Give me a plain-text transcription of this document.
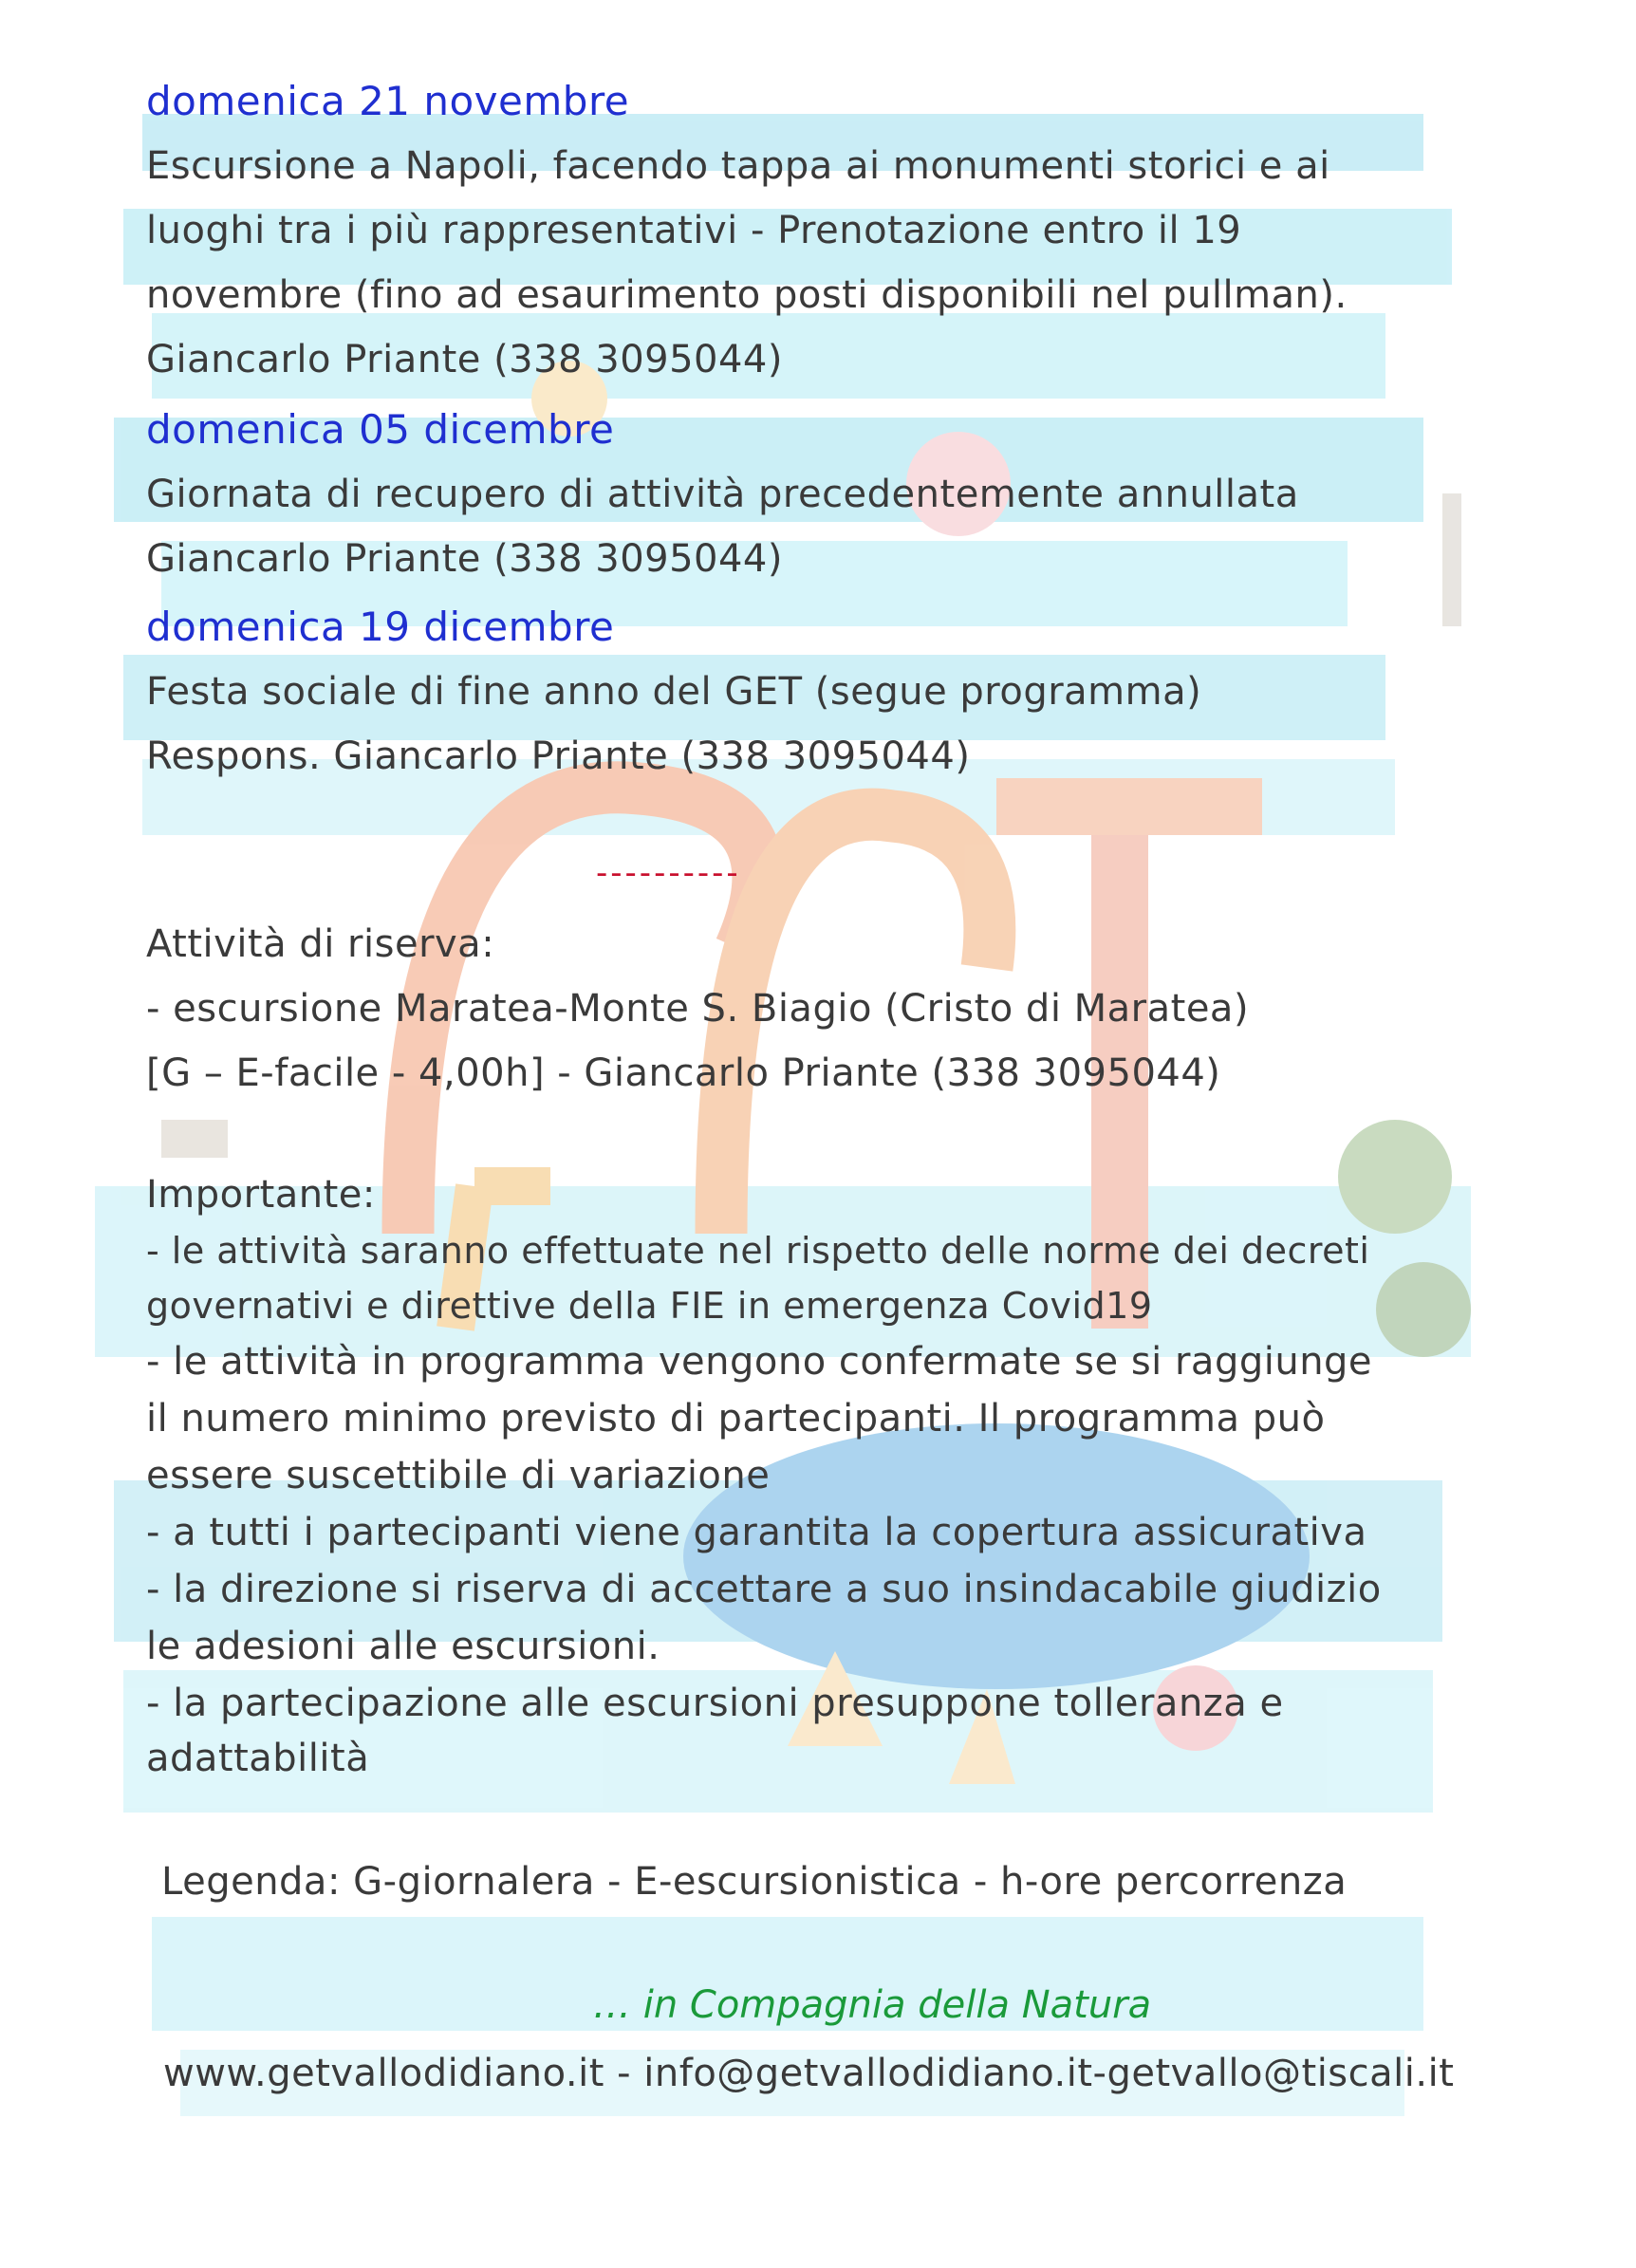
domenica 21 novembre
Escursione a Napoli, facendo tappa ai monumenti storici e ai
luoghi tra i più rappresentativi - Prenotazione entro il 19
novembre (fino ad esaurimento posti disponibili nel pullman).
Giancarlo Priante (338 3095044)
domenica 05 dicembre
Giornata di recupero di attività precedentemente annullata
Giancarlo Priante (338 3095044)
domenica 19 dicembre
Festa sociale di fine anno del GET (segue programma)
Respons. Giancarlo Priante (338 3095044)
----------
Attività di riserva:
- escursione Maratea-Monte S. Biagio (Cristo di Maratea)
[G – E-facile - 4,00h] - Giancarlo Priante (338 3095044)
Importante:
- le attività saranno effettuate nel rispetto delle norme dei decreti
governativi e direttive della FIE in emergenza Covid19
- le attività in programma vengono confermate se si raggiunge
il numero minimo previsto di partecipanti. Il programma può
essere suscettibile di variazione
- a tutti i partecipanti viene garantita la copertura assicurativa
- la direzione si riserva di accettare a suo insindacabile giudizio
le adesioni alle escursioni.
- la partecipazione alle escursioni presuppone tolleranza e
adattabilità
Legenda: G-giornalera - E-escursionistica - h-ore percorrenza
… in Compagnia della Natura
www.getvallodidiano.it - info@getvallodidiano.it-getvallo@tiscali.it
